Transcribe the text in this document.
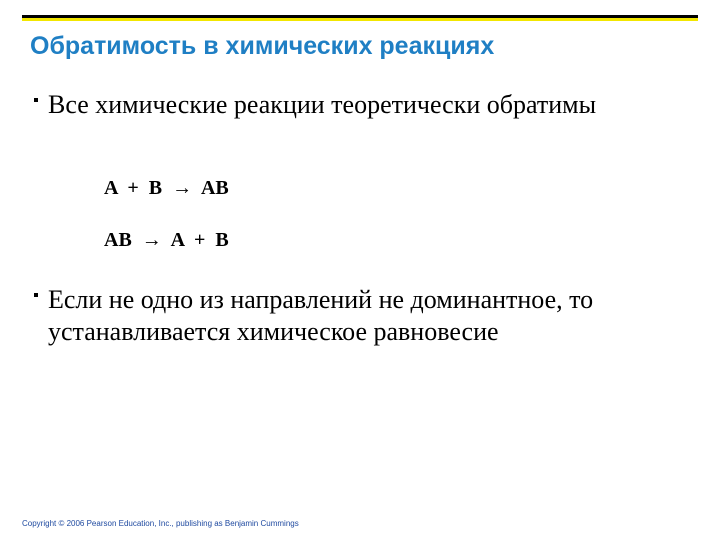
Обратимость в химических реакциях
Все химические реакции теоретически обратимы
A  +  B  →  AB
AB  →  A  +  B
Если не одно из направлений не доминантное, то устанавливается химическое равновесие
Copyright © 2006 Pearson Education, Inc., publishing as Benjamin Cummings
